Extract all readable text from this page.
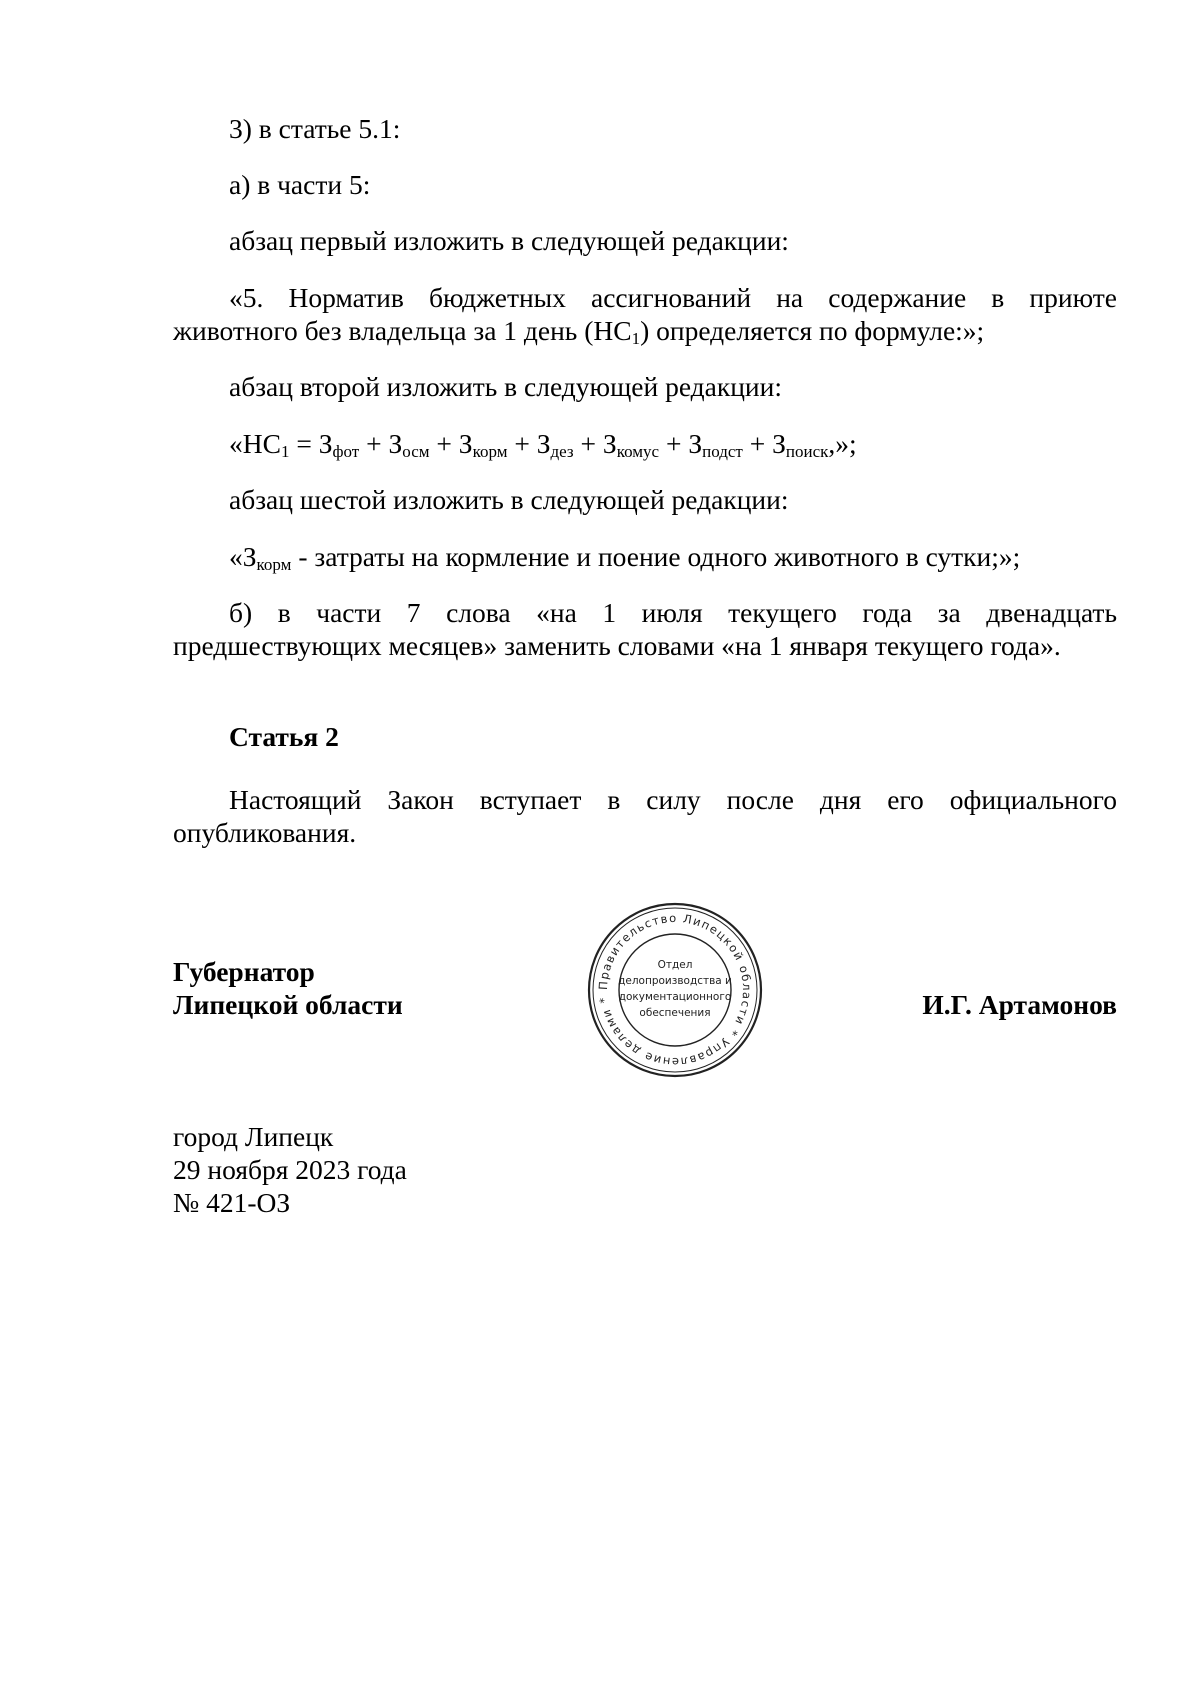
3) в статье 5.1:

а) в части 5:

абзац первый изложить в следующей редакции:

«5. Норматив бюджетных ассигнований на содержание в приюте животного без владельца за 1 день $(НС_1)$ определяется по формуле:»;

абзац второй изложить в следующей редакции:

«$НС_1 = З_{фот} + З_{осм} + З_{корм} + З_{дез} + З_{комус} + З_{подст} + З_{поиск}$,»;

абзац шестой изложить в следующей редакции:

«$З_{корм}$ - затраты на кормление и поение одного животного в сутки;»;

б) в части 7 слова «на 1 июля текущего года за двенадцать предшествующих месяцев» заменить словами «на 1 января текущего года».

Статья 2

Настоящий Закон вступает в силу после дня его официального опубликования.

Губернатор
Липецкой области	И.Г. Артамонов
Правительство Липецкой области * Управление делами *
Отдел
делопроизводства и
документационного
обеспечения
город Липецк
29 ноября 2023 года
№ 421-ОЗ
